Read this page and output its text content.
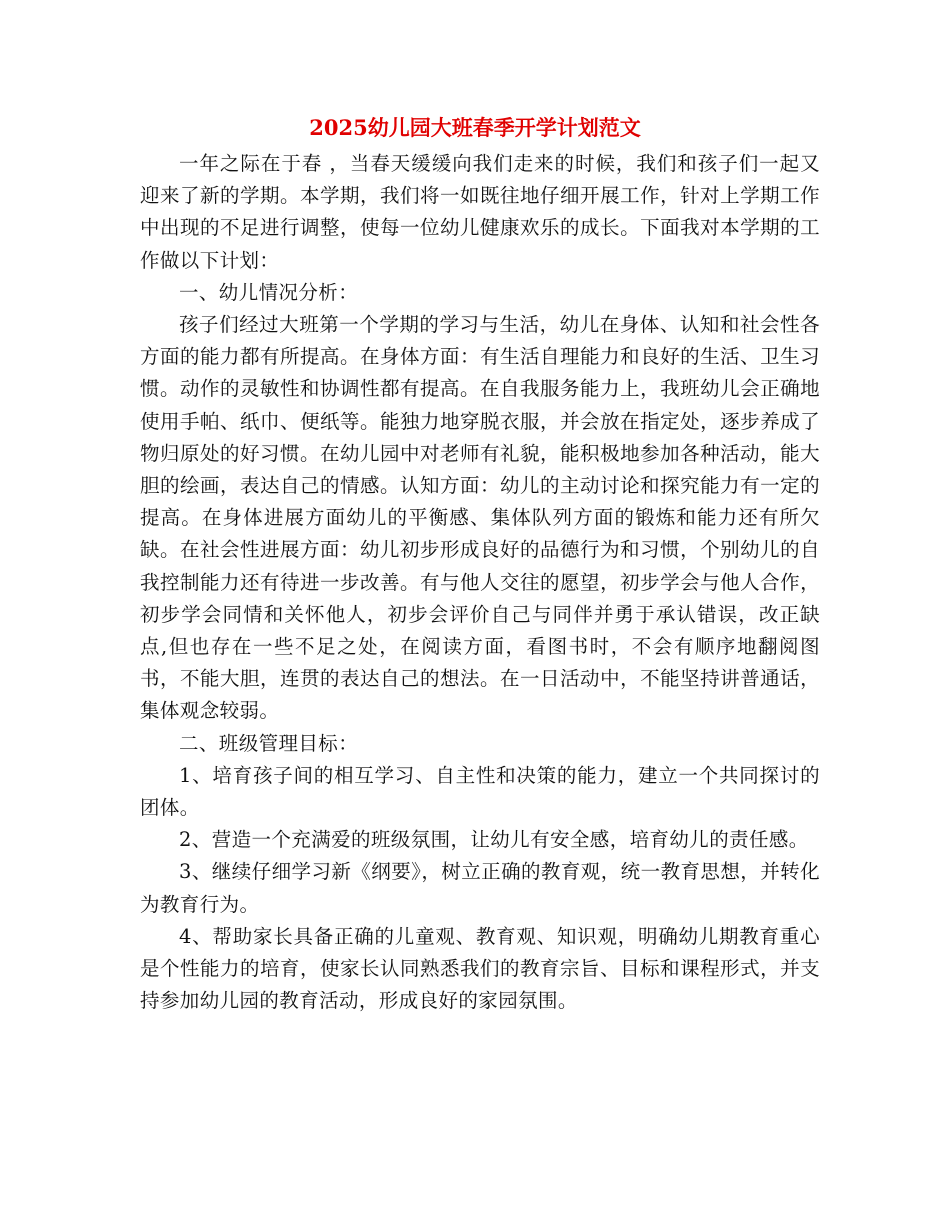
2025幼儿园大班春季开学计划范文

一年之际在于春 ，当春天缓缓向我们走来的时候，我们和孩子们一起又迎来了新的学期。本学期，我们将一如既往地仔细开展工作，针对上学期工作中出现的不足进行调整，使每一位幼儿健康欢乐的成长。下面我对本学期的工作做以下计划：

一、幼儿情况分析：

孩子们经过大班第一个学期的学习与生活，幼儿在身体、认知和社会性各方面的能力都有所提高。在身体方面：有生活自理能力和良好的生活、卫生习惯。动作的灵敏性和协调性都有提高。在自我服务能力上，我班幼儿会正确地使用手帕、纸巾、便纸等。能独力地穿脱衣服，并会放在指定处，逐步养成了物归原处的好习惯。在幼儿园中对老师有礼貌，能积极地参加各种活动，能大胆的绘画，表达自己的情感。认知方面：幼儿的主动讨论和探究能力有一定的提高。在身体进展方面幼儿的平衡感、集体队列方面的锻炼和能力还有所欠缺。在社会性进展方面：幼儿初步形成良好的品德行为和习惯，个别幼儿的自我控制能力还有待进一步改善。有与他人交往的愿望，初步学会与他人合作，初步学会同情和关怀他人，初步会评价自己与同伴并勇于承认错误，改正缺点,但也存在一些不足之处，在阅读方面，看图书时，不会有顺序地翻阅图书，不能大胆，连贯的表达自己的想法。在一日活动中，不能坚持讲普通话，集体观念较弱。

二、班级管理目标：

1、培育孩子间的相互学习、自主性和决策的能力，建立一个共同探讨的团体。

2、营造一个充满爱的班级氛围，让幼儿有安全感，培育幼儿的责任感。

3、继续仔细学习新《纲要》，树立正确的教育观，统一教育思想，并转化为教育行为。

4、帮助家长具备正确的儿童观、教育观、知识观，明确幼儿期教育重心是个性能力的培育，使家长认同熟悉我们的教育宗旨、目标和课程形式，并支持参加幼儿园的教育活动，形成良好的家园氛围。
